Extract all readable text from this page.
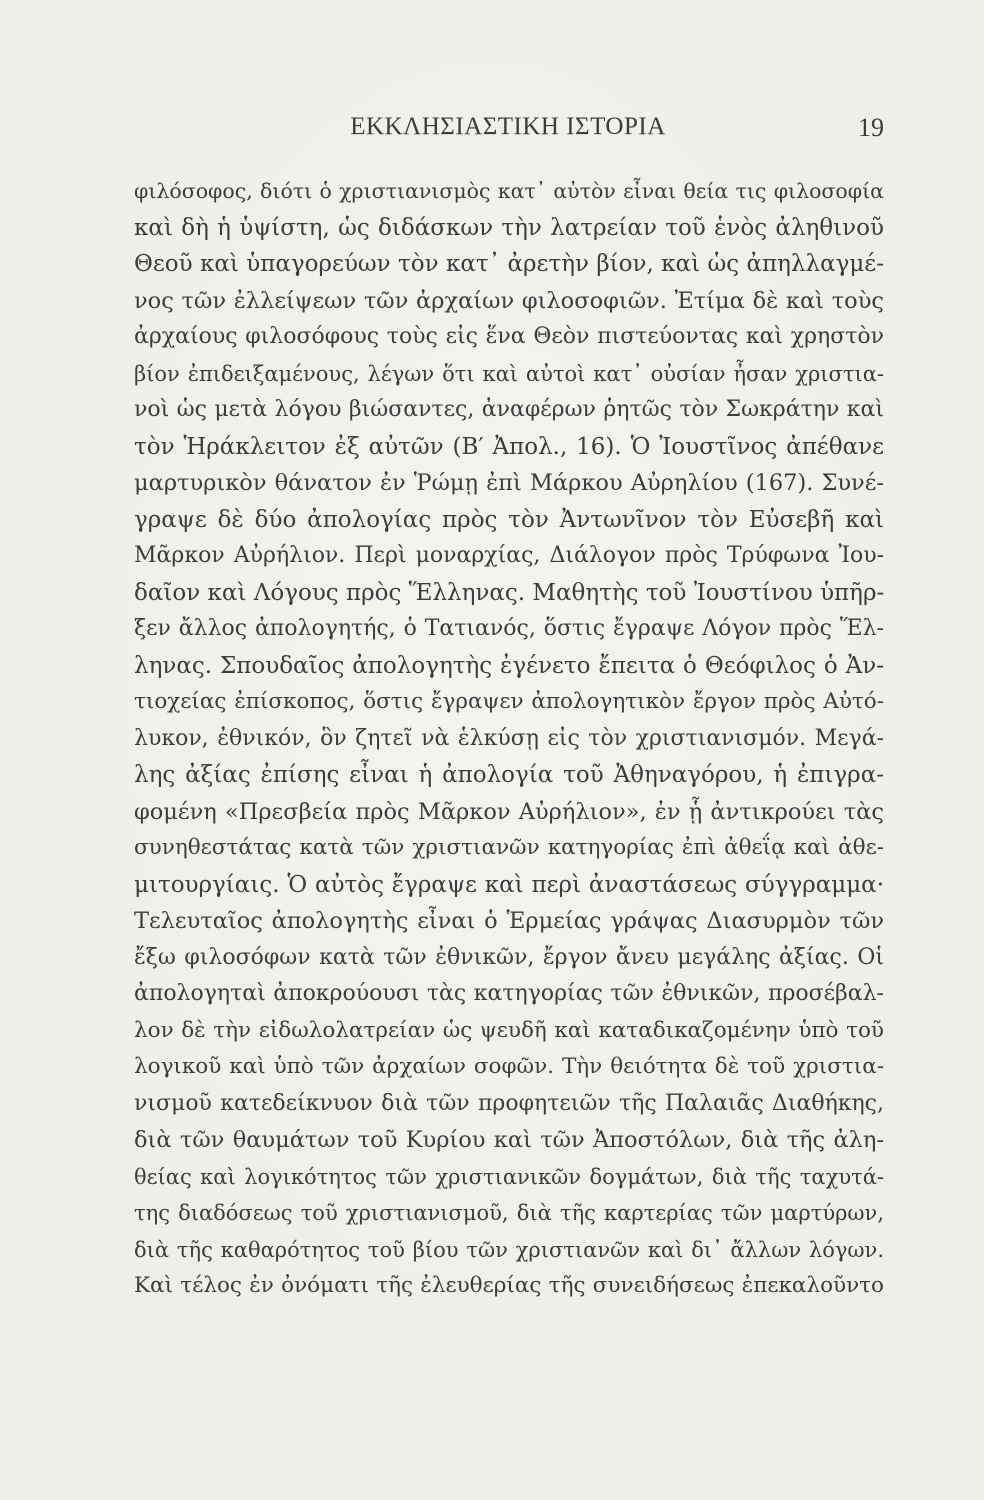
ΕΚΚΛΗΣΙΑΣΤΙΚΗ ΙΣΤΟΡΙΑ	19
φιλόσοφος, διότι ὁ χριστιανισμὸς κατ᾽ αὐτὸν εἶναι θεία τις φιλοσοφία
καὶ δὴ ἡ ὑψίστη, ὡς διδάσκων τὴν λατρείαν τοῦ ἑνὸς ἀληθινοῦ
Θεοῦ καὶ ὑπαγορεύων τὸν κατ᾽ ἀρετὴν βίον, καὶ ὡς ἀπηλλαγμέ-
νος τῶν ἐλλείψεων τῶν ἀρχαίων φιλοσοφιῶν. Ἐτίμα δὲ καὶ τοὺς
ἀρχαίους φιλοσόφους τοὺς εἰς ἕνα Θεὸν πιστεύοντας καὶ χρηστὸν
βίον ἐπιδειξαμένους, λέγων ὅτι καὶ αὐτοὶ κατ᾽ οὐσίαν ἦσαν χριστια-
νοὶ ὡς μετὰ λόγου βιώσαντες, ἀναφέρων ῥητῶς τὸν Σωκράτην καὶ
τὸν Ἡράκλειτον ἐξ αὐτῶν (Β′ Ἀπολ., 16). Ὁ Ἰουστῖνος ἀπέθανε
μαρτυρικὸν θάνατον ἐν Ῥώμῃ ἐπὶ Μάρκου Αὐρηλίου (167). Συνέ-
γραψε δὲ δύο ἀπολογίας πρὸς τὸν Ἀντωνῖνον τὸν Εὐσεβῆ καὶ
Μᾶρκον Αὐρήλιον. Περὶ μοναρχίας, Διάλογον πρὸς Τρύφωνα Ἰου-
δαῖον καὶ Λόγους πρὸς Ἕλληνας. Μαθητὴς τοῦ Ἰουστίνου ὑπῆρ-
ξεν ἄλλος ἀπολογητής, ὁ Τατιανός, ὅστις ἔγραψε Λόγον πρὸς Ἕλ-
ληνας. Σπουδαῖος ἀπολογητὴς ἐγένετο ἔπειτα ὁ Θεόφιλος ὁ Ἀν-
τιοχείας ἐπίσκοπος, ὅστις ἔγραψεν ἀπολογητικὸν ἔργον πρὸς Αὐτό-
λυκον, ἐθνικόν, ὃν ζητεῖ νὰ ἑλκύσῃ εἰς τὸν χριστιανισμόν. Μεγά-
λης ἀξίας ἐπίσης εἶναι ἡ ἀπολογία τοῦ Ἀθηναγόρου, ἡ ἐπιγρα-
φομένη «Πρεσβεία πρὸς Μᾶρκον Αὐρήλιον», ἐν ᾗ ἀντικρούει τὰς
συνηθεστάτας κατὰ τῶν χριστιανῶν κατηγορίας ἐπὶ ἀθεΐᾳ καὶ ἀθε-
μιτουργίαις. Ὁ αὐτὸς ἔγραψε καὶ περὶ ἀναστάσεως σύγγραμμα·
Τελευταῖος ἀπολογητὴς εἶναι ὁ Ἑρμείας γράψας Διασυρμὸν τῶν
ἔξω φιλοσόφων κατὰ τῶν ἐθνικῶν, ἔργον ἄνευ μεγάλης ἀξίας. Οἱ
ἀπολογηταὶ ἀποκρούουσι τὰς κατηγορίας τῶν ἐθνικῶν, προσέβαλ-
λον δὲ τὴν εἰδωλολατρείαν ὡς ψευδῆ καὶ καταδικαζομένην ὑπὸ τοῦ
λογικοῦ καὶ ὑπὸ τῶν ἀρχαίων σοφῶν. Τὴν θειότητα δὲ τοῦ χριστια-
νισμοῦ κατεδείκνυον διὰ τῶν προφητειῶν τῆς Παλαιᾶς Διαθήκης,
διὰ τῶν θαυμάτων τοῦ Κυρίου καὶ τῶν Ἀποστόλων, διὰ τῆς ἀλη-
θείας καὶ λογικότητος τῶν χριστιανικῶν δογμάτων, διὰ τῆς ταχυτά-
της διαδόσεως τοῦ χριστιανισμοῦ, διὰ τῆς καρτερίας τῶν μαρτύρων,
διὰ τῆς καθαρότητος τοῦ βίου τῶν χριστιανῶν καὶ δι᾽ ἄλλων λόγων.
Καὶ τέλος ἐν ὀνόματι τῆς ἐλευθερίας τῆς συνειδήσεως ἐπεκαλοῦντο
